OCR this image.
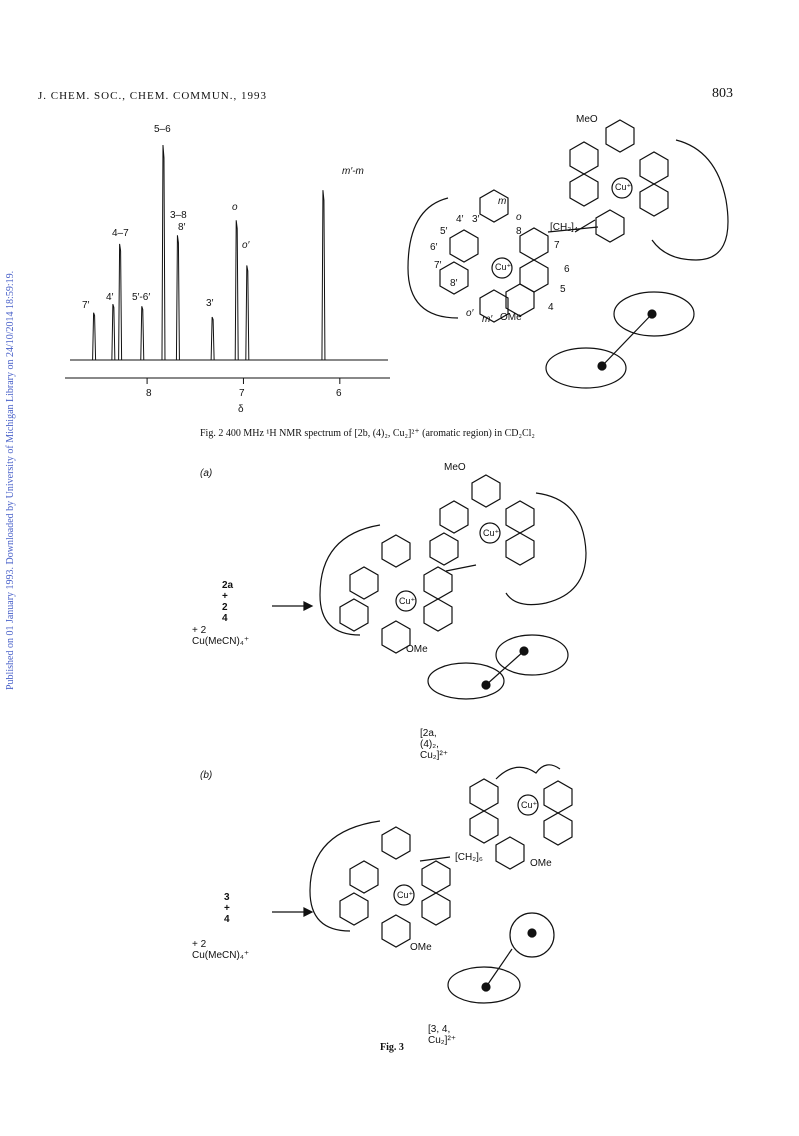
J. CHEM. SOC., CHEM. COMMUN., 1993	803
Published on 01 January 1993. Downloaded by University of Michigan Library on 24/10/2014 18:59:19.	7′
4′
4–7
5′-6′
5–6
3–8
8′
3′
o
o′
m′-m
8	7	6
δ
MeO
Cu⁺
[CH₂]₄
m
o
4′ 3′
5′
6′
7′
8′
8
7
6
5
4
Cu⁺
o′
m′ OMe
Fig. 2 400 MHz ¹H NMR spectrum of [2b, (4)₂, Cu₂]²⁺ (aromatic region) in CD₂Cl₂
(a)
MeO
Cu⁺
Cu⁺
OMe
2a + 2 4
+ 2 Cu(MeCN)₄⁺
[2a, (4)₂, Cu₂]²⁺
(b)
Cu⁺
Cu⁺
[CH₂]₆
OMe
OMe
3 + 4
+ 2 Cu(MeCN)₄⁺
[3, 4, Cu₂]²⁺
Fig. 3
